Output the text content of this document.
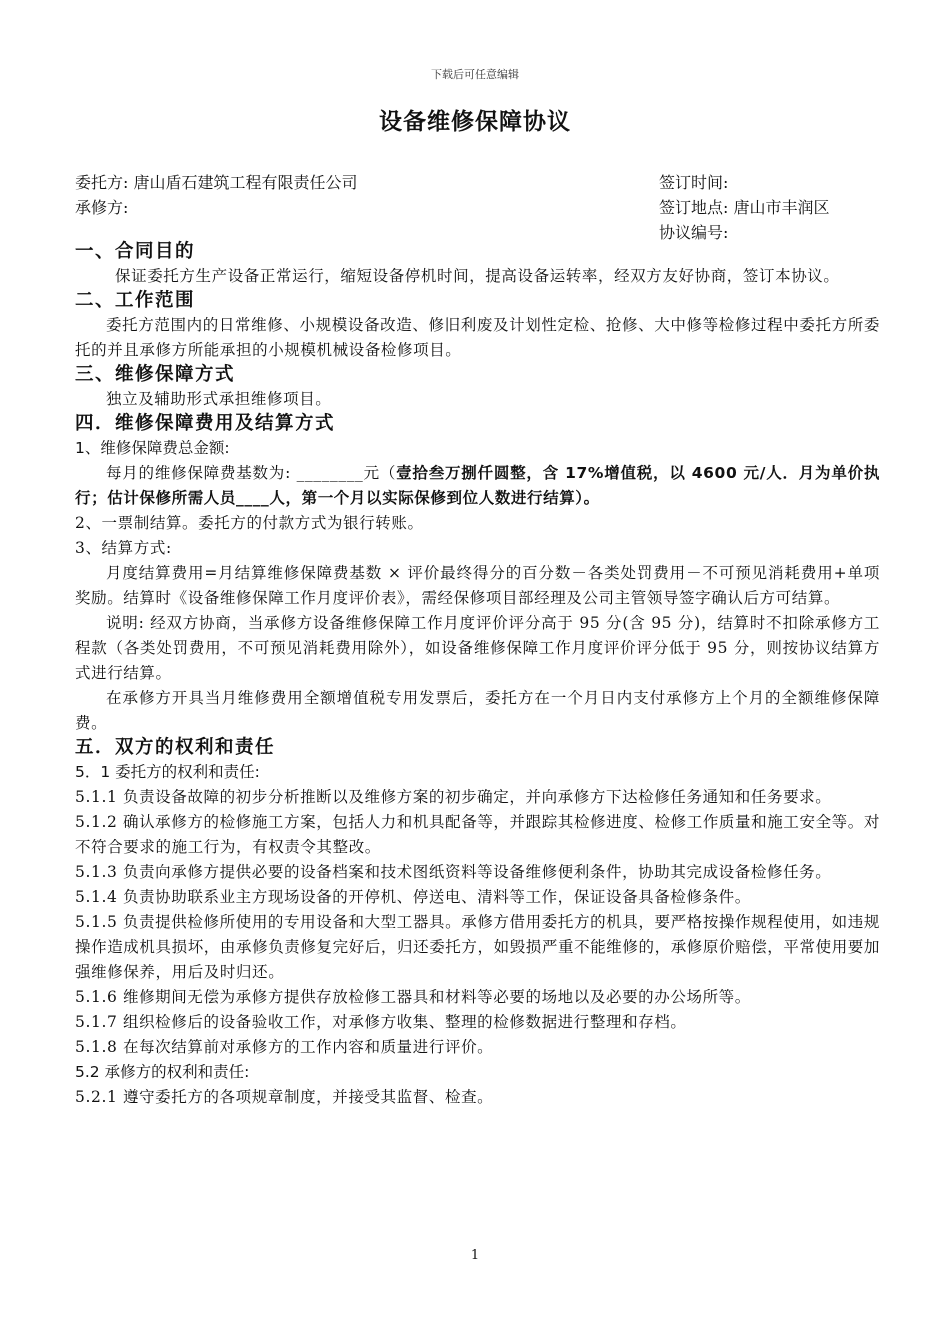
下载后可任意编辑
设备维修保障协议
委托方: 唐山盾石建筑工程有限责任公司
承修方:
签订时间:
签订地点: 唐山市丰润区
协议编号:
一、合同目的

保证委托方生产设备正常运行，缩短设备停机时间，提高设备运转率，经双方友好协商，签订本协议。

二、工作范围

委托方范围内的日常维修、小规模设备改造、修旧利废及计划性定检、抢修、大中修等检修过程中委托方所委托的并且承修方所能承担的小规模机械设备检修项目。

三、维修保障方式

独立及辅助形式承担维修项目。

四．维修保障费用及结算方式

1、维修保障费总金额:

每月的维修保障费基数为: ________元（壹拾叁万捌仟圆整，含 17%增值税，以 4600 元/人．月为单价执行；估计保修所需人员____人，第一个月以实际保修到位人数进行结算）。

2、一票制结算。委托方的付款方式为银行转账。

3、结算方式:

月度结算费用=月结算维修保障费基数 × 评价最终得分的百分数－各类处罚费用－不可预见消耗费用+单项奖励。结算时《设备维修保障工作月度评价表》，需经保修项目部经理及公司主管领导签字确认后方可结算。

说明: 经双方协商，当承修方设备维修保障工作月度评价评分高于 95 分(含 95 分)，结算时不扣除承修方工程款（各类处罚费用，不可预见消耗费用除外），如设备维修保障工作月度评价评分低于 95 分，则按协议结算方式进行结算。

在承修方开具当月维修费用全额增值税专用发票后，委托方在一个月日内支付承修方上个月的全额维修保障费。

五．双方的权利和责任

5．1 委托方的权利和责任:

5.1.1 负责设备故障的初步分析推断以及维修方案的初步确定，并向承修方下达检修任务通知和任务要求。

5.1.2 确认承修方的检修施工方案，包括人力和机具配备等，并跟踪其检修进度、检修工作质量和施工安全等。对不符合要求的施工行为，有权责令其整改。

5.1.3 负责向承修方提供必要的设备档案和技术图纸资料等设备维修便利条件，协助其完成设备检修任务。

5.1.4 负责协助联系业主方现场设备的开停机、停送电、清料等工作，保证设备具备检修条件。

5.1.5 负责提供检修所使用的专用设备和大型工器具。承修方借用委托方的机具，要严格按操作规程使用，如违规操作造成机具损坏，由承修负责修复完好后，归还委托方，如毁损严重不能维修的，承修原价赔偿，平常使用要加强维修保养，用后及时归还。

5.1.6 维修期间无偿为承修方提供存放检修工器具和材料等必要的场地以及必要的办公场所等。

5.1.7 组织检修后的设备验收工作，对承修方收集、整理的检修数据进行整理和存档。

5.1.8 在每次结算前对承修方的工作内容和质量进行评价。

5.2 承修方的权利和责任:

5.2.1 遵守委托方的各项规章制度，并接受其监督、检查。

1
